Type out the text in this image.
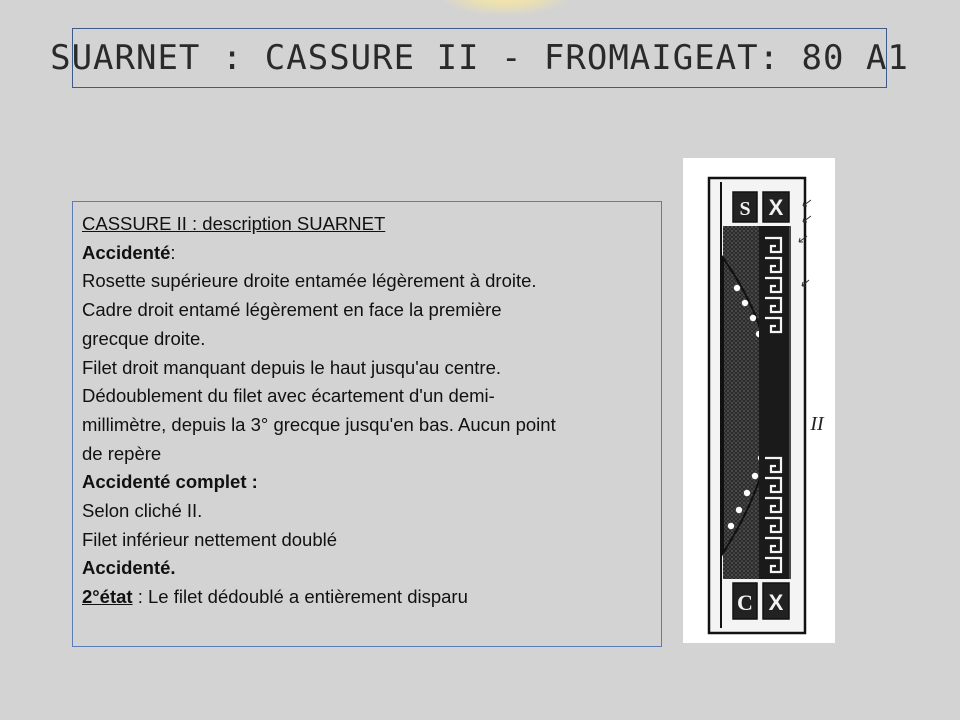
SUARNET : CASSURE II - FROMAIGEAT: 80 A1
CASSURE II : description SUARNET
Accidenté:
Rosette supérieure droite entamée légèrement à droite.
Cadre droit entamé légèrement en face la première
grecque droite.
Filet droit manquant depuis le haut jusqu'au centre.
Dédoublement du filet avec écartement d'un demi-
millimètre, depuis la 3° grecque jusqu'en bas. Aucun point
de repère
Accidenté complet :
Selon cliché II.
Filet inférieur nettement doublé
Accidenté.
2°état : Le filet dédoublé a entièrement disparu
S X
C X
II
